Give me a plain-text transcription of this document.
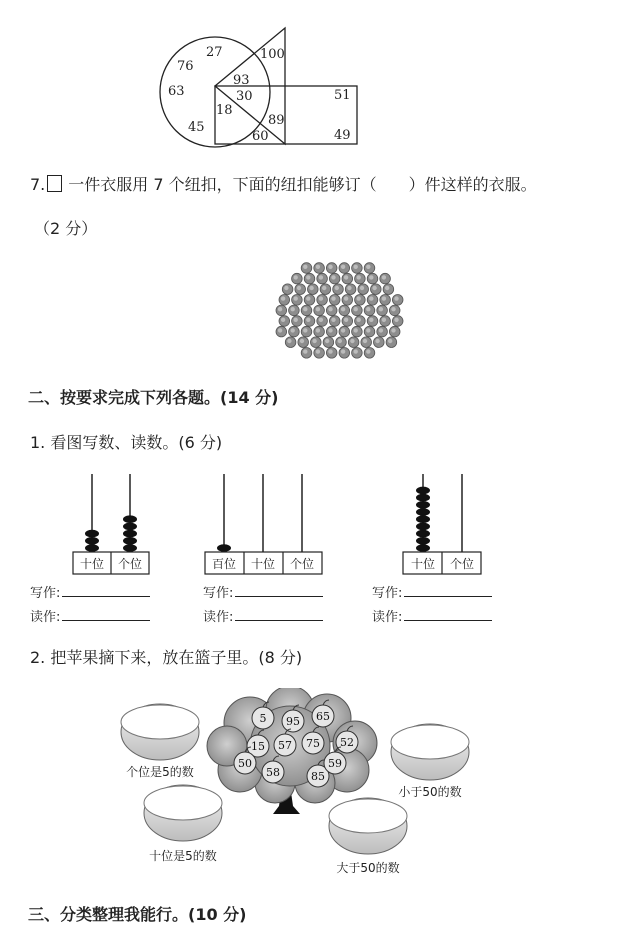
27
76
100
63
93
30	51
18
89
45
60	49
7. 一件衣服用 7 个纽扣，下面的纽扣能够订（　　）件这样的衣服。
（2 分）
二、按要求完成下列各题。(14 分)
1. 看图写数、读数。(6 分)
十位 个位	百位 十位 个位	十位 个位
写作:
读作:
写作:
读作:
写作:
读作:
2. 把苹果摘下来，放在篮子里。(8 分)
5 95 65
15 57 75 52
50
58	85
59
个位是5的数
小于50的数
十位是5的数
大于50的数
三、分类整理我能行。(10 分)
